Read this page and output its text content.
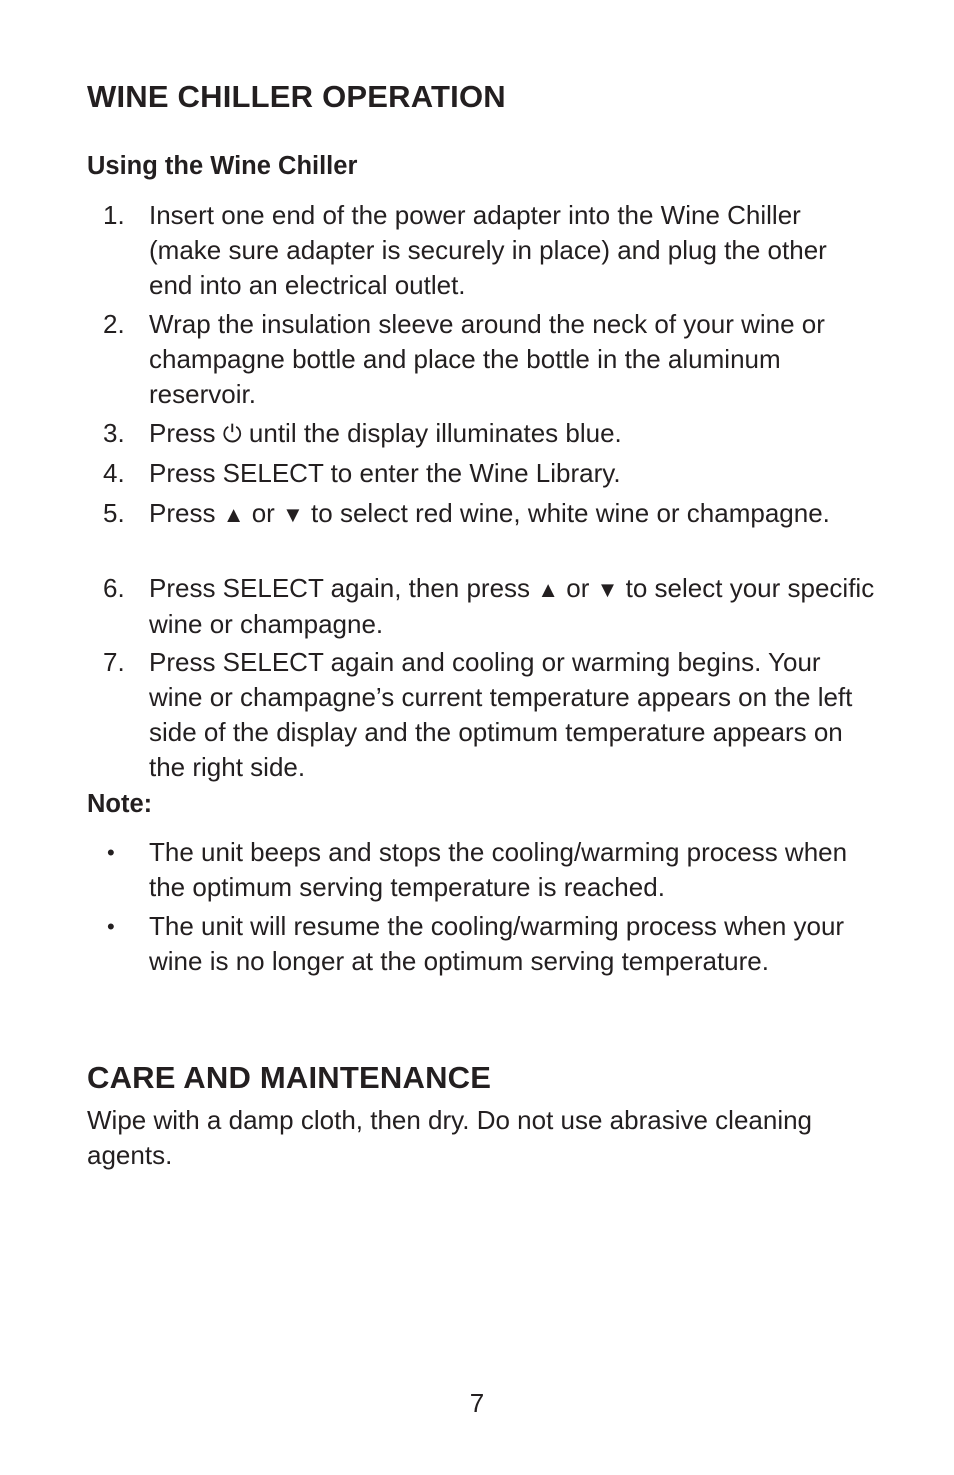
WINE CHILLER OPERATION
Using the Wine Chiller
1. Insert one end of the power adapter into the Wine Chiller (make sure adapter is securely in place) and plug the other end into an electrical outlet.
2. Wrap the insulation sleeve around the neck of your wine or champagne bottle and place the bottle in the aluminum reservoir.
3. Press ⏻ until the display illuminates blue.
4. Press SELECT to enter the Wine Library.
5. Press ▲ or ▼ to select red wine, white wine or champagne.
6. Press SELECT again, then press ▲ or ▼ to select your specific wine or champagne.
7. Press SELECT again and cooling or warming begins. Your wine or champagne’s current temperature appears on the left side of the display and the optimum temperature appears on the right side.
Note:
• The unit beeps and stops the cooling/warming process when the optimum serving temperature is reached.
• The unit will resume the cooling/warming process when your wine is no longer at the optimum serving temperature.
CARE AND MAINTENANCE

Wipe with a damp cloth, then dry. Do not use abrasive cleaning agents.

7
